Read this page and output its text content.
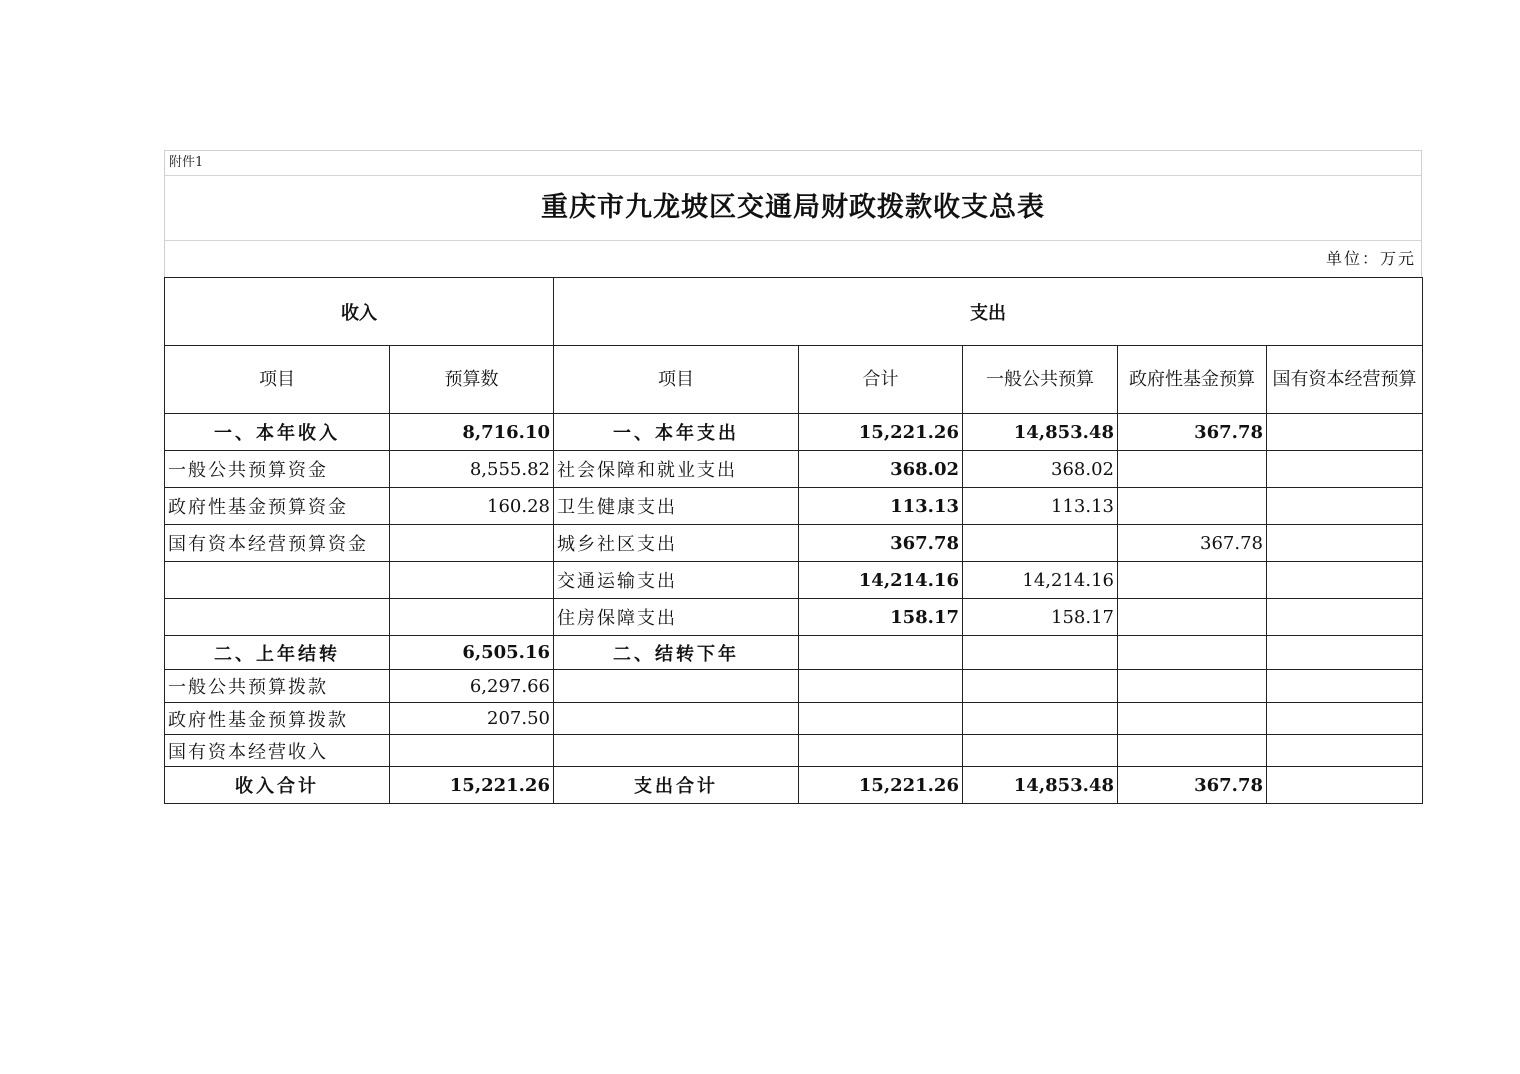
附件1
重庆市九龙坡区交通局财政拨款收支总表
单位：万元
收入		支出				
项目	预算数	项目	合计	一般公共预算	政府性基金预算	国有资本经营预算
一、本年收入	8,716.10	一、本年支出	15,221.26	14,853.48	367.78	
一般公共预算资金	8,555.82	社会保障和就业支出	368.02	368.02		
政府性基金预算资金	160.28	卫生健康支出	113.13	113.13		
国有资本经营预算资金		城乡社区支出	367.78		367.78	
		交通运输支出	14,214.16	14,214.16		
		住房保障支出	158.17	158.17		
二、上年结转	6,505.16	二、结转下年				
一般公共预算拨款	6,297.66					
政府性基金预算拨款	207.50					
国有资本经营收入						
收入合计	15,221.26	支出合计	15,221.26	14,853.48	367.78	
